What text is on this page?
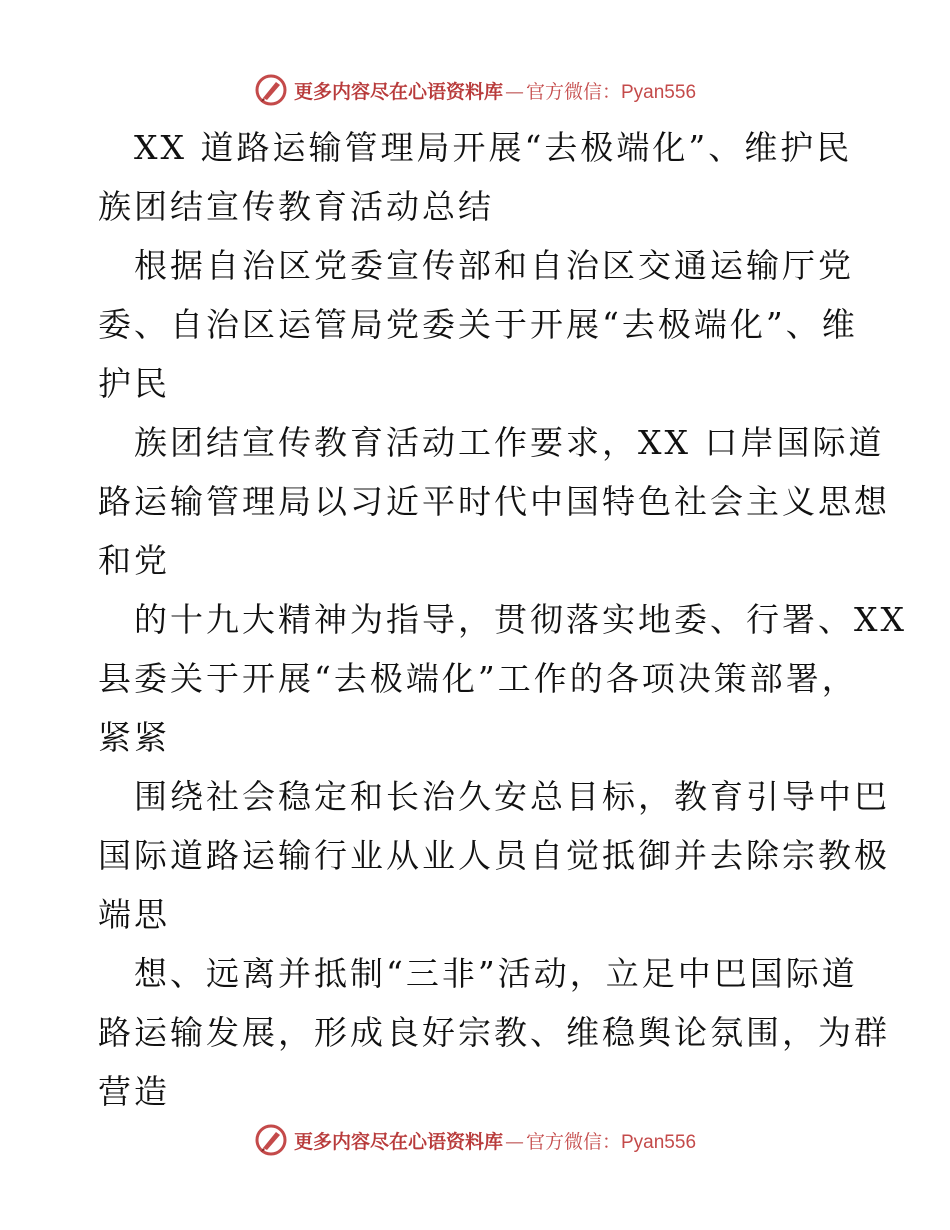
更多内容尽在心语资料库 — 官方微信： Pyan556
XX 道路运输管理局开展“去极端化”、维护民
族团结宣传教育活动总结
根据自治区党委宣传部和自治区交通运输厅党
委、自治区运管局党委关于开展“去极端化”、维
护民
族团结宣传教育活动工作要求，XX 口岸国际道
路运输管理局以习近平时代中国特色社会主义思想
和党
的十九大精神为指导，贯彻落实地委、行署、XX
县委关于开展“去极端化”工作的各项决策部署，
紧紧
围绕社会稳定和长治久安总目标，教育引导中巴
国际道路运输行业从业人员自觉抵御并去除宗教极
端思
想、远离并抵制“三非”活动，立足中巴国际道
路运输发展，形成良好宗教、维稳舆论氛围，为群
营造
更多内容尽在心语资料库 — 官方微信： Pyan556
